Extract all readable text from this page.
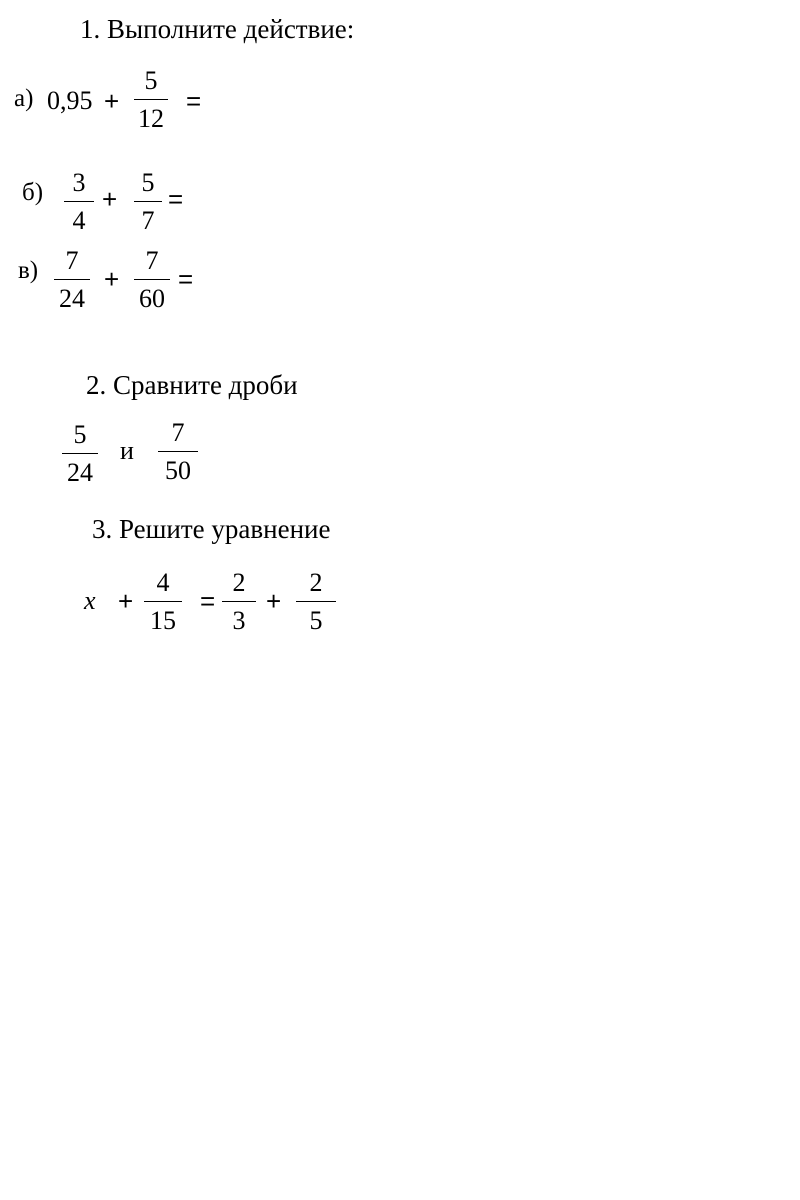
1. Выполните действие:
а) 0,95 +
5
12
=
б) 3
4
+
5
7
=
в) 7
24
+
7
60
=
2. Сравните дроби
5
24
и
7
50
3. Решите уравнение
x +
4
15
=
2
3
+
2
5
